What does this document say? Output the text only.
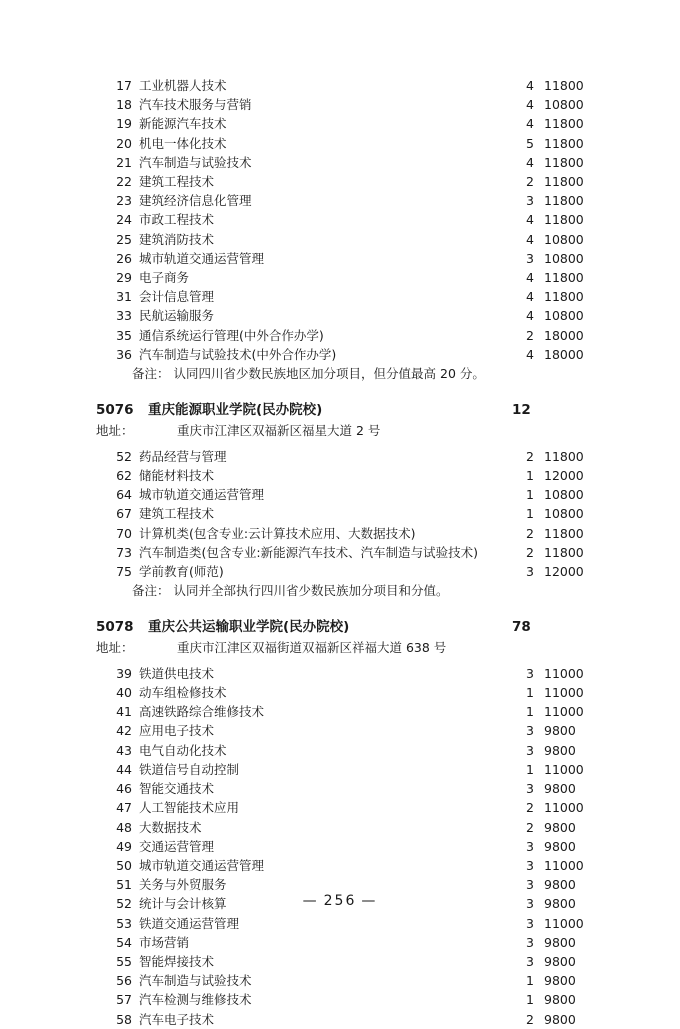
17 工业机器人技术	4 11800
18 汽车技术服务与营销	4 10800
19 新能源汽车技术	4 11800
20 机电一体化技术	5 11800
21 汽车制造与试验技术	4 11800
22 建筑工程技术	2 11800
23 建筑经济信息化管理	3 11800
24 市政工程技术	4 11800
25 建筑消防技术	4 10800
26 城市轨道交通运营管理	3 10800
29 电子商务	4 11800
31 会计信息管理	4 11800
33 民航运输服务	4 10800
35 通信系统运行管理(中外合作办学)	2 18000
36 汽车制造与试验技术(中外合作办学)	4 18000
备注： 认同四川省少数民族地区加分项目，但分值最高 20 分。
5076	重庆能源职业学院(民办院校)	12
地址：	重庆市江津区双福新区福星大道 2 号
52 药品经营与管理	2 11800
62 储能材料技术	1 12000
64 城市轨道交通运营管理	1 10800
67 建筑工程技术	1 10800
70 计算机类(包含专业:云计算技术应用、大数据技术)	2 11800
73 汽车制造类(包含专业:新能源汽车技术、汽车制造与试验技术)	2 11800
75 学前教育(师范)	3 12000
备注： 认同并全部执行四川省少数民族加分项目和分值。
5078	重庆公共运输职业学院(民办院校)	78
地址：	重庆市江津区双福街道双福新区祥福大道 638 号
39 铁道供电技术	3 11000
40 动车组检修技术	1 11000
41 高速铁路综合维修技术	1 11000
42 应用电子技术	3 9800
43 电气自动化技术	3 9800
44 铁道信号自动控制	1 11000
46 智能交通技术	3 9800
47 人工智能技术应用	2 11000
48 大数据技术	2 9800
49 交通运营管理	3 9800
50 城市轨道交通运营管理	3 11000
51 关务与外贸服务	3 9800
52 统计与会计核算	3 9800
53 铁道交通运营管理	3 11000
54 市场营销	3 9800
55 智能焊接技术	3 9800
56 汽车制造与试验技术	1 9800
57 汽车检测与维修技术	1 9800
58 汽车电子技术	2 9800
— 256 —
